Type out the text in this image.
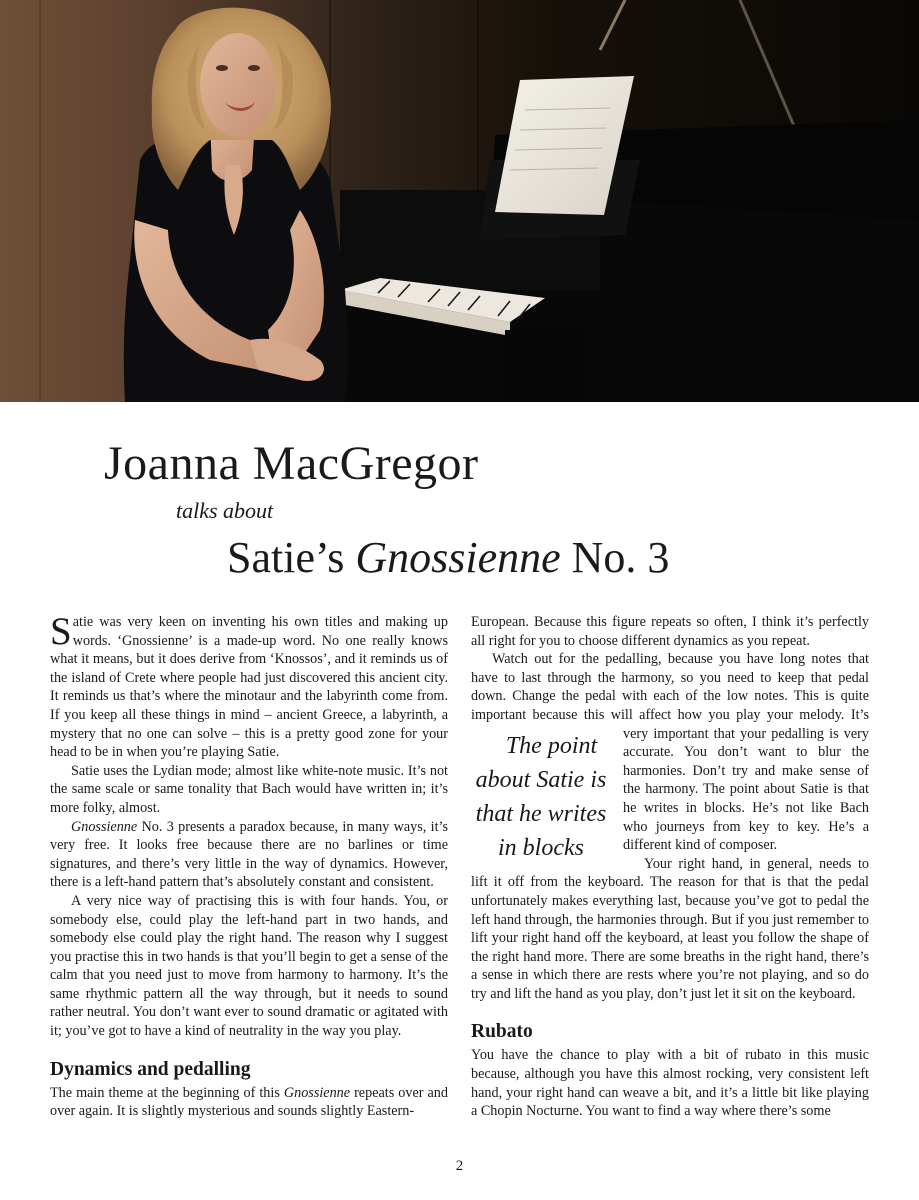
Joanna MacGregor
talks about
Satie’s Gnossienne No. 3

Satie was very keen on inventing his own titles and making up words. ‘Gnossienne’ is a made-up word. No one really knows what it means, but it does derive from ‘Knossos’, and it reminds us of the island of Crete where people had just discovered this ancient city. It reminds us that’s where the minotaur and the labyrinth come from. If you keep all these things in mind – ancient Greece, a labyrinth, a mystery that no one can solve – this is a pretty good zone for your head to be in when you’re playing Satie.

Satie uses the Lydian mode; almost like white-note music. It’s not the same scale or same tonality that Bach would have written in; it’s more folky, almost.

Gnossienne No. 3 presents a paradox because, in many ways, it’s very free. It looks free because there are no barlines or time signatures, and there’s very little in the way of dynamics. However, there is a left-hand pattern that’s absolutely constant and consistent.

A very nice way of practising this is with four hands. You, or somebody else, could play the left-hand part in two hands, and somebody else could play the right hand. The reason why I suggest you practise this in two hands is that you’ll begin to get a sense of the calm that you need just to move from harmony to harmony. It’s the same rhythmic pattern all the way through, but it needs to sound rather neutral. You don’t want ever to sound dramatic or agitated with it; you’ve got to have a kind of neutrality in the way you play.

Dynamics and pedalling

The main theme at the beginning of this Gnossienne repeats over and over again. It is slightly mysterious and sounds slightly Eastern-

European. Because this figure repeats so often, I think it’s perfectly all right for you to choose different dynamics as you repeat.

Watch out for the pedalling, because you have long notes that have to last through the harmony, so you need to keep that pedal down. Change the pedal with each of the low notes. This is quite important because this will affect how you play your melody. It’s
The point about Satie is that he writes in blocks
very important that your pedalling is very accurate. You don’t want to blur the harmonies. Don’t try and make sense of the harmony. The point about Satie is that he writes in blocks. He’s not like Bach who journeys from key to key. He’s a different kind of composer.

Your right hand, in general, needs to lift it off from the keyboard. The reason for that is that the pedal unfortunately makes everything last, because you’ve got to pedal the left hand through, the harmonies through. But if you just remember to lift your right hand off the keyboard, at least you follow the shape of the right hand more. There are some breaths in the right hand, there’s a sense in which there are rests where you’re not playing, and so do try and lift the hand as you play, don’t just let it sit on the keyboard.

Rubato

You have the chance to play with a bit of rubato in this music because, although you have this almost rocking, very consistent left hand, your right hand can weave a bit, and it’s a little bit like playing a Chopin Nocturne. You want to find a way where there’s some

2
